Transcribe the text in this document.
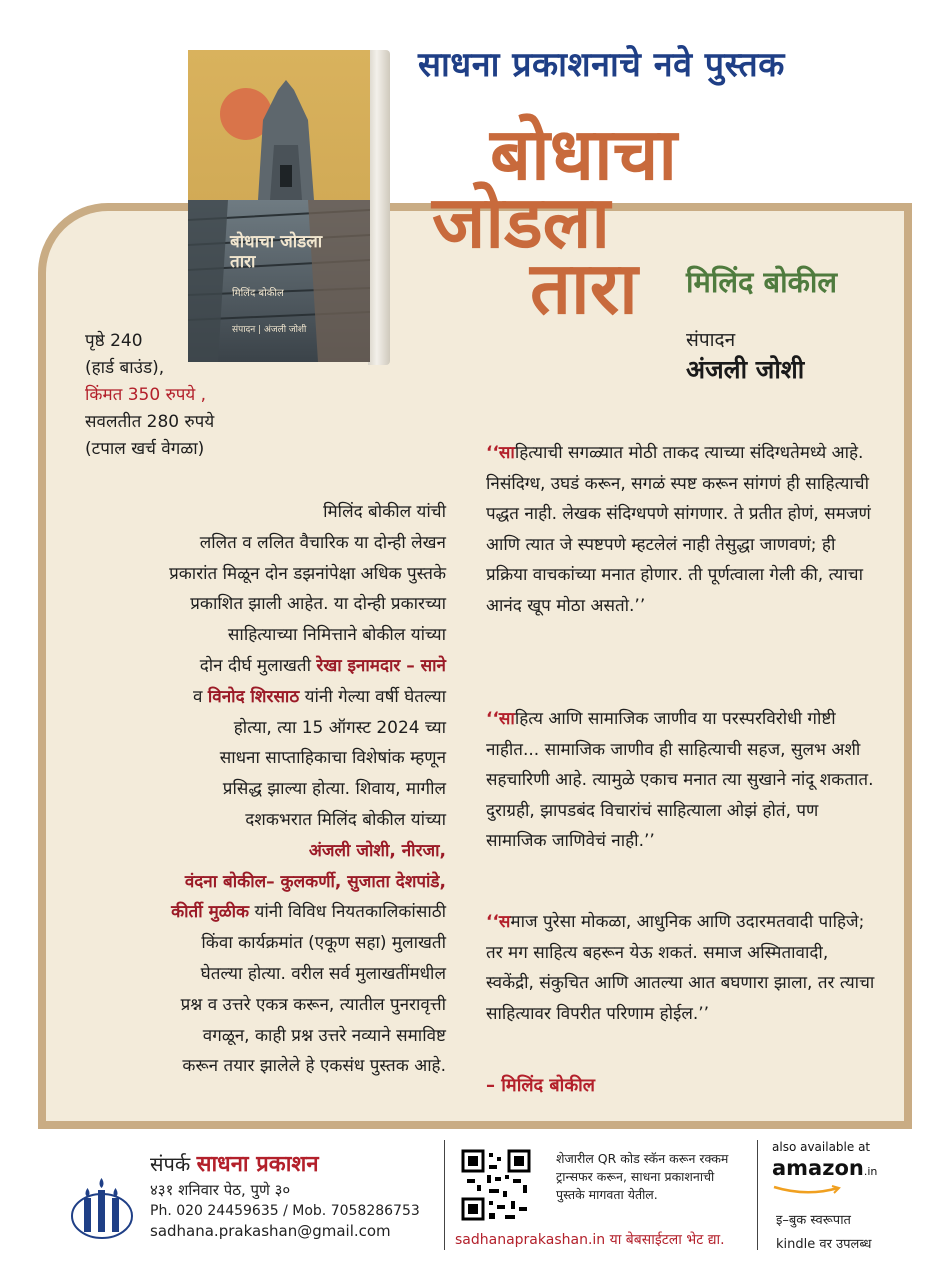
साधना प्रकाशनाचे नवे पुस्तक
बोधाचा जोडला तारा
मिलिंद बोकील
संपादन | अंजली जोशी
बोधाचा
जोडला
तारा मिलिंद बोकील
संपादन
अंजली जोशी
पृष्ठे 240
(हार्ड बाउंड),
किंमत 350 रुपये ,
सवलतीत 280 रुपये
(टपाल खर्च वेगळा)
मिलिंद बोकील यांची
ललित व ललित वैचारिक या दोन्ही लेखन
प्रकारांत मिळून दोन डझनांपेक्षा अधिक पुस्तके
प्रकाशित झाली आहेत. या दोन्ही प्रकारच्या
साहित्याच्या निमित्ताने बोकील यांच्या
दोन दीर्घ मुलाखती रेखा इनामदार – साने
व विनोद शिरसाठ यांनी गेल्या वर्षी घेतल्या
होत्या, त्या 15 ऑगस्ट 2024 च्या
साधना साप्ताहिकाचा विशेषांक म्हणून
प्रसिद्ध झाल्या होत्या. शिवाय, मागील
दशकभरात मिलिंद बोकील यांच्या
अंजली जोशी, नीरजा,
वंदना बोकील– कुलकर्णी, सुजाता देशपांडे,
कीर्ती मुळीक यांनी विविध नियतकालिकांसाठी
किंवा कार्यक्रमांत (एकूण सहा) मुलाखती
घेतल्या होत्या. वरील सर्व मुलाखतींमधील
प्रश्न व उत्तरे एकत्र करून, त्यातील पुनरावृत्ती
वगळून, काही प्रश्न उत्तरे नव्याने समाविष्ट
करून तयार झालेले हे एकसंध पुस्तक आहे.
‘‘साहित्याची सगळ्यात मोठी ताकद त्याच्या संदिग्धतेमध्ये आहे. निसंदिग्ध, उघडं करून, सगळं स्पष्ट करून सांगणं ही साहित्याची पद्धत नाही. लेखक संदिग्धपणे सांगणार. ते प्रतीत होणं, समजणं आणि त्यात जे स्पष्टपणे म्हटलेलं नाही तेसुद्धा जाणवणं; ही प्रक्रिया वाचकांच्या मनात होणार. ती पूर्णत्वाला गेली की, त्याचा आनंद खूप मोठा असतो.’’
‘‘साहित्य आणि सामाजिक जाणीव या परस्परविरोधी गोष्टी नाहीत... सामाजिक जाणीव ही साहित्याची सहज, सुलभ अशी सहचारिणी आहे. त्यामुळे एकाच मनात त्या सुखाने नांदू शकतात. दुराग्रही, झापडबंद विचारांचं साहित्याला ओझं होतं, पण सामाजिक जाणिवेचं नाही.’’
‘‘समाज पुरेसा मोकळा, आधुनिक आणि उदारमतवादी पाहिजे; तर मग साहित्य बहरून येऊ शकतं. समाज अस्मितावादी, स्वकेंद्री, संकुचित आणि आतल्या आत बघणारा झाला, तर त्याचा साहित्यावर विपरीत परिणाम होईल.’’
– मिलिंद बोकील
संपर्क साधना प्रकाशन
४३१ शनिवार पेठ, पुणे ३०
Ph. 020 24459635 / Mob. 7058286753
sadhana.prakashan@gmail.com
शेजारील QR कोड स्कॅन करून रक्कम ट्रान्सफर करून, साधना प्रकाशनाची पुस्तके मागवता येतील.
sadhanaprakashan.in या बेबसाईटला भेट द्या.
also available at
amazon.in
इ–बुक स्वरूपात
kindle वर उपलब्ध
